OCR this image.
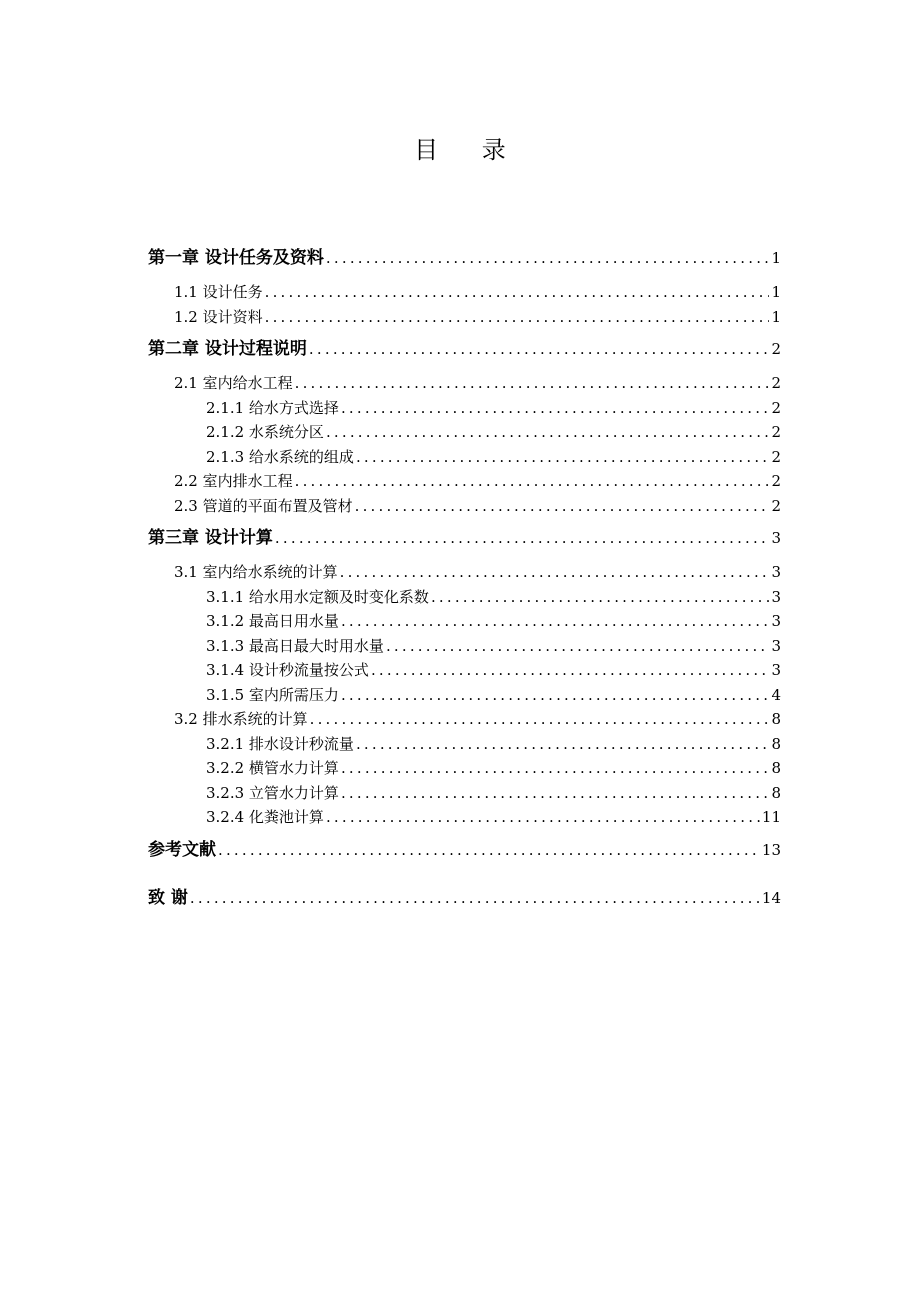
目 录
第一章 设计任务及资料 .....	1
1.1 设计任务 .....	1
1.2 设计资料 .....	1
第二章 设计过程说明 .....	2
2.1 室内给水工程 .....	2
2.1.1 给水方式选择 .....	2
2.1.2 水系统分区 .....	2
2.1.3 给水系统的组成 .....	2
2.2 室内排水工程 .....	2
2.3 管道的平面布置及管材 .....	2
第三章 设计计算 .....	3
3.1 室内给水系统的计算 .....	3
3.1.1 给水用水定额及时变化系数 .....	3
3.1.2 最高日用水量 .....	3
3.1.3 最高日最大时用水量 .....	3
3.1.4 设计秒流量按公式 .....	3
3.1.5 室内所需压力 .....	4
3.2 排水系统的计算 .....	8
3.2.1 排水设计秒流量 .....	8
3.2.2 横管水力计算 .....	8
3.2.3 立管水力计算 .....	8
3.2.4 化粪池计算 .....	11
参考文献 .....	13
致 谢 .....	14
